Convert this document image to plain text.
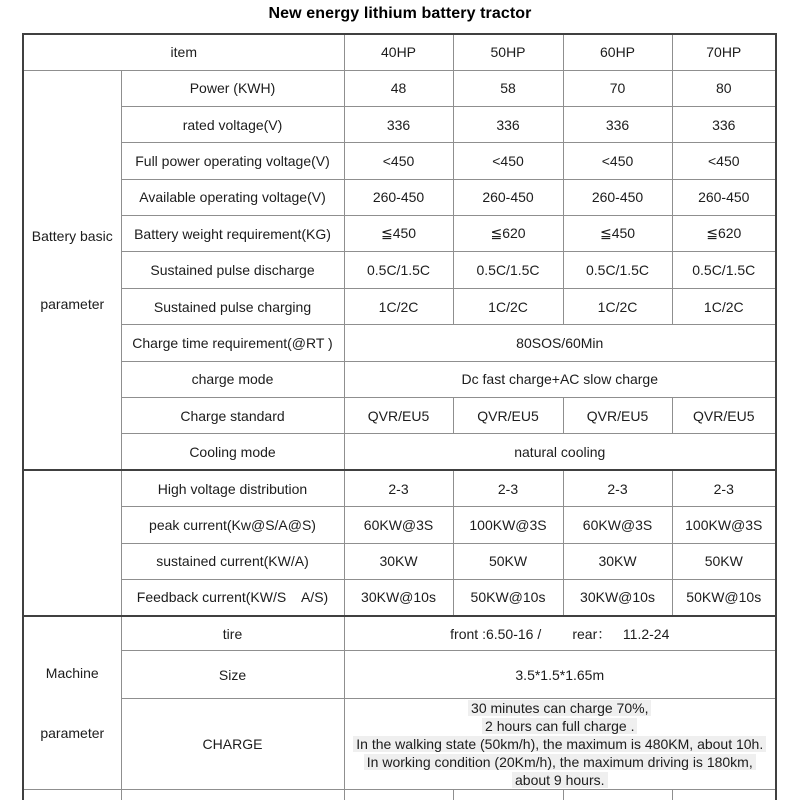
New energy lithium battery tractor
item		40HP	50HP	60HP	70HP

Battery basic

parameter	Power (KWH)	48	58	70	80
	rated voltage(V)	336	336	336	336
	Full power operating voltage(V)	<450	<450	<450	<450
	Available operating voltage(V)	260-450	260-450	260-450	260-450
	Battery weight requirement(KG)	≦450	≦620	≦450	≦620
	Sustained pulse discharge	0.5C/1.5C	0.5C/1.5C	0.5C/1.5C	0.5C/1.5C
	Sustained pulse charging	1C/2C	1C/2C	1C/2C	1C/2C
	Charge time requirement(@RT )	80SOS/60Min			
	charge mode	Dc fast charge+AC slow charge			
	Charge standard	QVR/EU5	QVR/EU5	QVR/EU5	QVR/EU5
	Cooling mode	natural cooling			
	High voltage distribution	2-3	2-3	2-3	2-3
	peak current(Kw@S/A@S)	60KW@3S	100KW@3S	60KW@3S	100KW@3S
	sustained current(KW/A)	30KW	50KW	30KW	50KW
	Feedback current(KW/S    A/S)	30KW@10s	50KW@10s	30KW@10s	50KW@10s

Machine

parameter	tire	front :6.50-16 /        rear：   11.2-24			
	Size	3.5*1.5*1.65m			
	CHARGE	30 minutes can charge 70%,
2 hours can full charge .
In the walking state (50km/h), the maximum is 480KM, about 10h.
In working condition (20Km/h), the maximum driving is 180km,
about 9 hours.			
